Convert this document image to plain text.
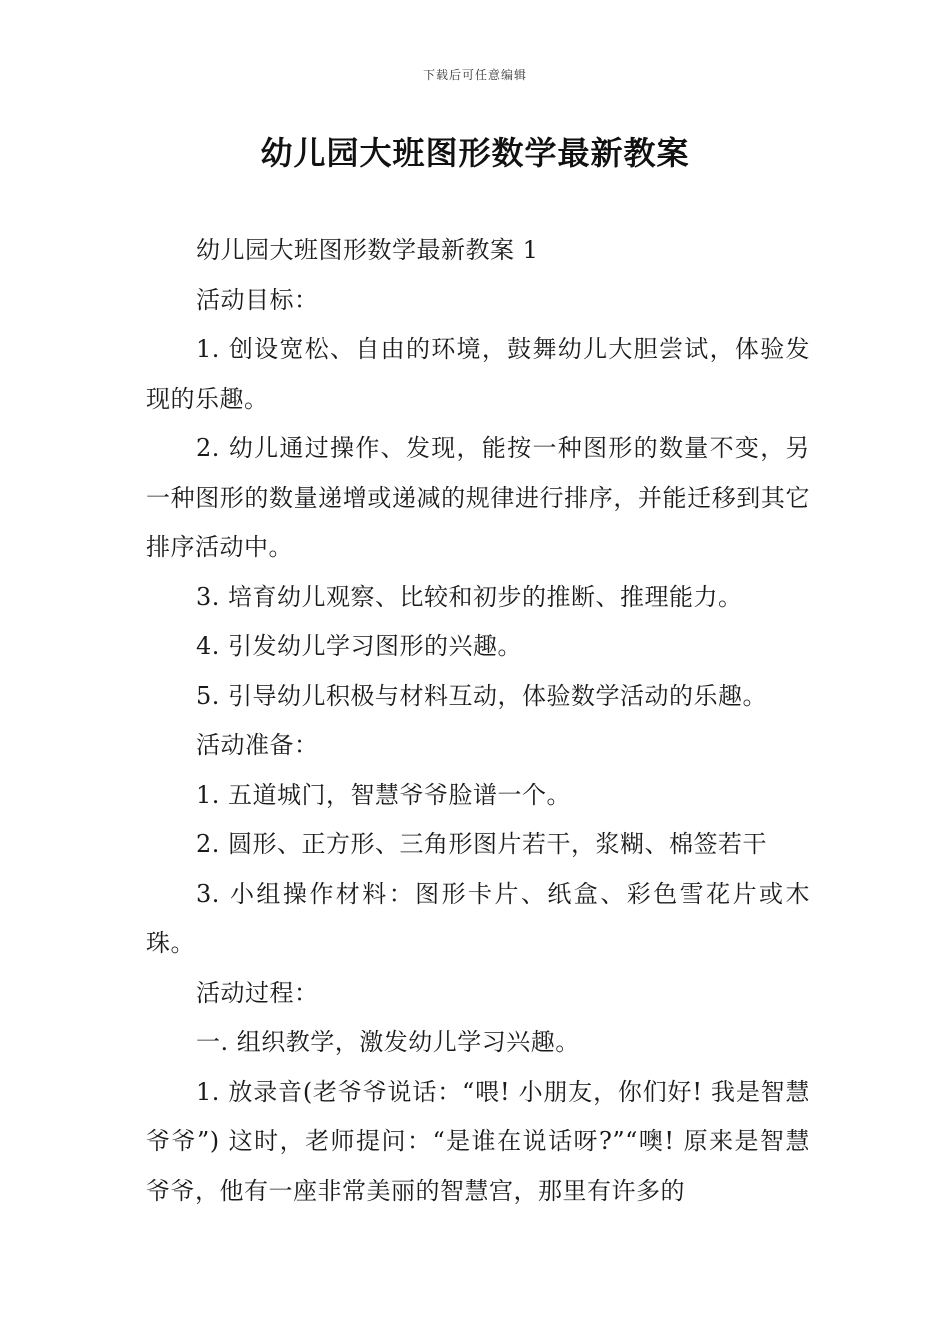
下载后可任意编辑
幼儿园大班图形数学最新教案

幼儿园大班图形数学最新教案 1

活动目标：

1. 创设宽松、自由的环境，鼓舞幼儿大胆尝试，体验发现的乐趣。

2. 幼儿通过操作、发现，能按一种图形的数量不变，另一种图形的数量递增或递减的规律进行排序，并能迁移到其它排序活动中。

3. 培育幼儿观察、比较和初步的推断、推理能力。

4. 引发幼儿学习图形的兴趣。

5. 引导幼儿积极与材料互动，体验数学活动的乐趣。

活动准备：

1. 五道城门，智慧爷爷脸谱一个。

2. 圆形、正方形、三角形图片若干，浆糊、棉签若干

3. 小组操作材料：图形卡片、纸盒、彩色雪花片或木珠。

活动过程：

一. 组织教学，激发幼儿学习兴趣。

1. 放录音(老爷爷说话：“喂! 小朋友，你们好! 我是智慧爷爷”) 这时，老师提问：“是谁在说话呀?”“噢! 原来是智慧爷爷，他有一座非常美丽的智慧宫，那里有许多的
